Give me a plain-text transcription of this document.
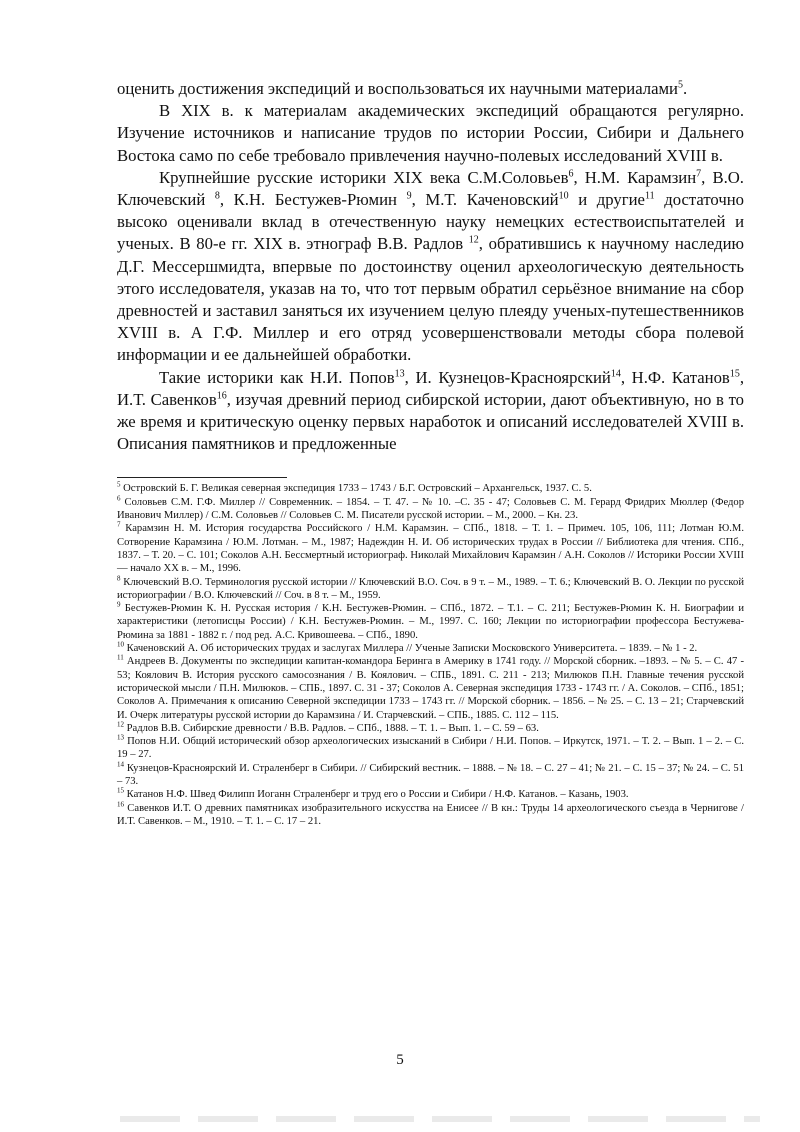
оценить достижения экспедиций и воспользоваться их научными материалами$^5$.

В XIX в. к материалам академических экспедиций обращаются регулярно. Изучение источников и написание трудов по истории России, Сибири и Дальнего Востока само по себе требовало привлечения научно-полевых исследований XVIII в.

Крупнейшие русские историки XIX века С.М.Соловьев$^6$, Н.М. Карамзин$^7$, В.О. Ключевский $^8$, К.Н. Бестужев-Рюмин $^9$, М.Т. Каченовский$^{10}$ и другие$^{11}$ достаточно высоко оценивали вклад в отечественную науку немецких естествоиспытателей и ученых. В 80-е гг. XIX в. этнограф В.В. Радлов $^{12}$, обратившись к научному наследию Д.Г. Мессершмидта, впервые по достоинству оценил археологическую деятельность этого исследователя, указав на то, что тот первым обратил серьёзное внимание на сбор древностей и заставил заняться их изучением целую плеяду ученых-путешественников XVIII в. А Г.Ф. Миллер и его отряд усовершенствовали методы сбора полевой информации и ее дальнейшей обработки.

Такие историки как Н.И. Попов$^{13}$, И. Кузнецов-Красноярский$^{14}$, Н.Ф. Катанов$^{15}$, И.Т. Савенков$^{16}$, изучая древний период сибирской истории, дают объективную, но в то же время и критическую оценку первых наработок и описаний исследователей XVIII в. Описания памятников и предложенные

$^5$ Островский Б. Г. Великая северная экспедиция 1733 – 1743 / Б.Г. Островский – Архангельск, 1937. С. 5.

$^6$ Соловьев С.М. Г.Ф. Миллер // Современник. – 1854. – Т. 47. – № 10. –С. 35 - 47; Соловьев С. М. Герард Фридрих Мюллер (Федор Иванович Миллер) / С.М. Соловьев // Соловьев С. М. Писатели русской истории. – М., 2000. – Кн. 23.

$^7$ Карамзин Н. М. История государства Российского / Н.М. Карамзин. – СПб., 1818. – Т. 1. – Примеч. 105, 106, 111; Лотман Ю.М. Сотворение Карамзина / Ю.М. Лотман. – М., 1987; Надеждин Н. И. Об исторических трудах в России // Библиотека для чтения. СПб., 1837. – Т. 20. – С. 101; Соколов А.Н. Бессмертный историограф. Николай Михайлович Карамзин / А.Н. Соколов // Историки России XVIII — начало XX в. – М., 1996.

$^8$ Ключевский В.О. Терминология русской истории // Ключевский В.О. Соч. в 9 т. – М., 1989. – Т. 6.; Ключевский В. О. Лекции по русской историографии / В.О. Ключевский // Соч. в 8 т. – М., 1959.

$^9$ Бестужев-Рюмин К. Н. Русская история / К.Н. Бестужев-Рюмин. – СПб., 1872. – Т.1. – С. 211; Бестужев-Рюмин К. Н. Биографии и характеристики (летописцы России) / К.Н. Бестужев-Рюмин. – М., 1997. С. 160; Лекции по историографии профессора Бестужева-Рюмина за 1881 - 1882 г. / под ред. А.С. Кривошеева. – СПб., 1890.

$^{10}$ Каченовский А. Об исторических трудах и заслугах Миллера // Ученые Записки Московского Университета. – 1839. – № 1 - 2.

$^{11}$ Андреев В. Документы по экспедиции капитан-командора Беринга в Америку в 1741 году. // Морской сборник. –1893. – № 5. – С. 47 - 53; Коялович В. История русского самосознания / В. Коялович. – СПБ., 1891. С. 211 - 213; Милюков П.Н. Главные течения русской исторической мысли / П.Н. Милюков. – СПБ., 1897. С. 31 - 37; Соколов А. Северная экспедиция 1733 - 1743 гг. / А. Соколов. – СПб., 1851; Соколов А. Примечания к описанию Северной экспедиции 1733 – 1743 гг. // Морской сборник. – 1856. – № 25. – С. 13 – 21; Старчевский И. Очерк литературы русской истории до Карамзина / И. Старчевский. – СПБ., 1885. С. 112 – 115.

$^{12}$ Радлов В.В. Сибирские древности / В.В. Радлов. – СПб., 1888. – Т. 1. – Вып. 1. – С. 59 – 63.

$^{13}$ Попов Н.И. Общий исторический обзор археологических изысканий в Сибири / Н.И. Попов. – Иркутск, 1971. – Т. 2. – Вып. 1 – 2. – С. 19 – 27.

$^{14}$ Кузнецов-Красноярский И. Страленберг в Сибири. // Сибирский вестник. – 1888. – № 18. – С. 27 – 41; № 21. – С. 15 – 37; № 24. – С. 51 – 73.

$^{15}$ Катанов Н.Ф. Швед Филипп Иоганн Страленберг и труд его о России и Сибири / Н.Ф. Катанов. – Казань, 1903.

$^{16}$ Савенков И.Т. О древних памятниках изобразительного искусства на Енисее // В кн.: Труды 14 археологического съезда в Чернигове / И.Т. Савенков. – М., 1910. – Т. 1. – С. 17 – 21.

5
